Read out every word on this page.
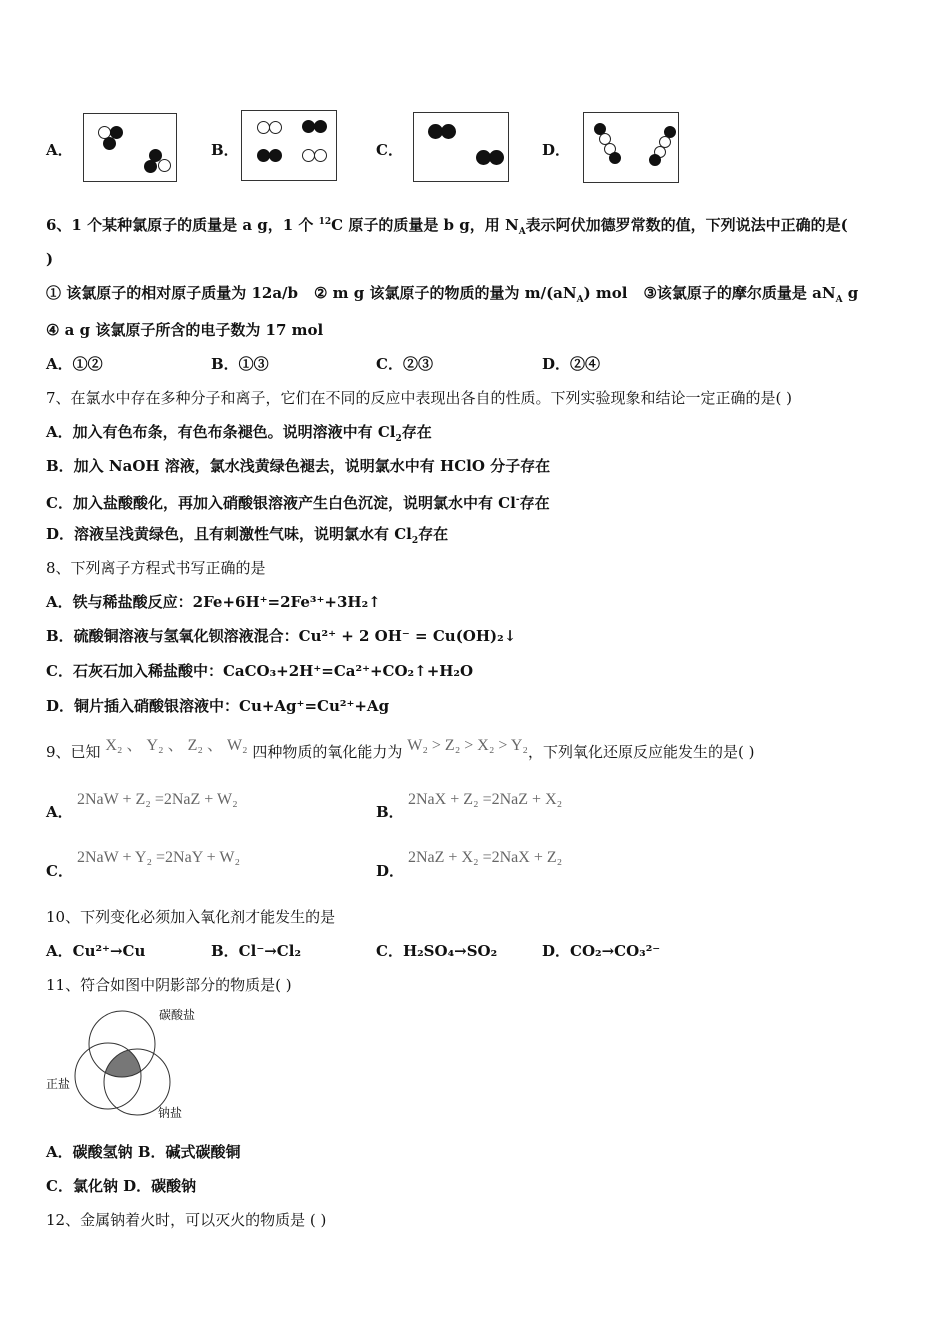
A．	B．	C．	D．
6、1 个某种氯原子的质量是 a g，1 个 $^{12}$C 原子的质量是 b g，用 $N_A$表示阿伏加德罗常数的值，下列说法中正确的是(
)
① 该氯原子的相对原子质量为 12a/b ② m g 该氯原子的物质的量为 $m/(aN_A)$ mol ③该氯原子的摩尔质量是 $aN_A$ g
④ a g 该氯原子所含的电子数为 17 mol
A．①②	B．①③	C．②③	D．②④
7、在氯水中存在多种分子和离子，它们在不同的反应中表现出各自的性质。下列实验现象和结论一定正确的是( )
A．加入有色布条，有色布条褪色。说明溶液中有 $Cl_2$存在
B．加入 NaOH 溶液，氯水浅黄绿色褪去，说明氯水中有 HClO 分子存在
C．加入盐酸酸化，再加入硝酸银溶液产生白色沉淀，说明氯水中有 Cl-存在
D．溶液呈浅黄绿色，且有刺激性气味，说明氯水有 $Cl_2$存在
8、下列离子方程式书写正确的是
A．铁与稀盐酸反应：2Fe+6H⁺=2Fe³⁺+3H₂↑
B．硫酸铜溶液与氢氧化钡溶液混合：Cu²⁺ + 2 OH⁻ = Cu(OH)₂↓
C．石灰石加入稀盐酸中：CaCO₃+2H⁺=Ca²⁺+CO₂↑+H₂O
D．铜片插入硝酸银溶液中：Cu+Ag⁺=Cu²⁺+Ag
9、已知 X₂ 、 Y₂ 、 Z₂ 、 W₂ 四种物质的氧化能力为 W₂ > Z₂ > X₂ > Y₂，下列氧化还原反应能发生的是( )
A．
2NaW + Z₂ =2NaZ + W₂
B．
2NaX + Z₂ =2NaZ + X₂
C．
2NaW + Y₂ =2NaY + W₂
D．
2NaZ + X₂ =2NaX + Z₂
10、下列变化必须加入氧化剂才能发生的是
A．Cu²⁺→Cu	B．Cl⁻→Cl₂	C．H₂SO₄→SO₂	D．CO₂→CO₃²⁻
11、符合如图中阴影部分的物质是( )
碳酸盐
正盐
钠盐
A．碳酸氢钠 B．碱式碳酸铜
C．氯化钠 D．碳酸钠
12、金属钠着火时，可以灭火的物质是 ( )
